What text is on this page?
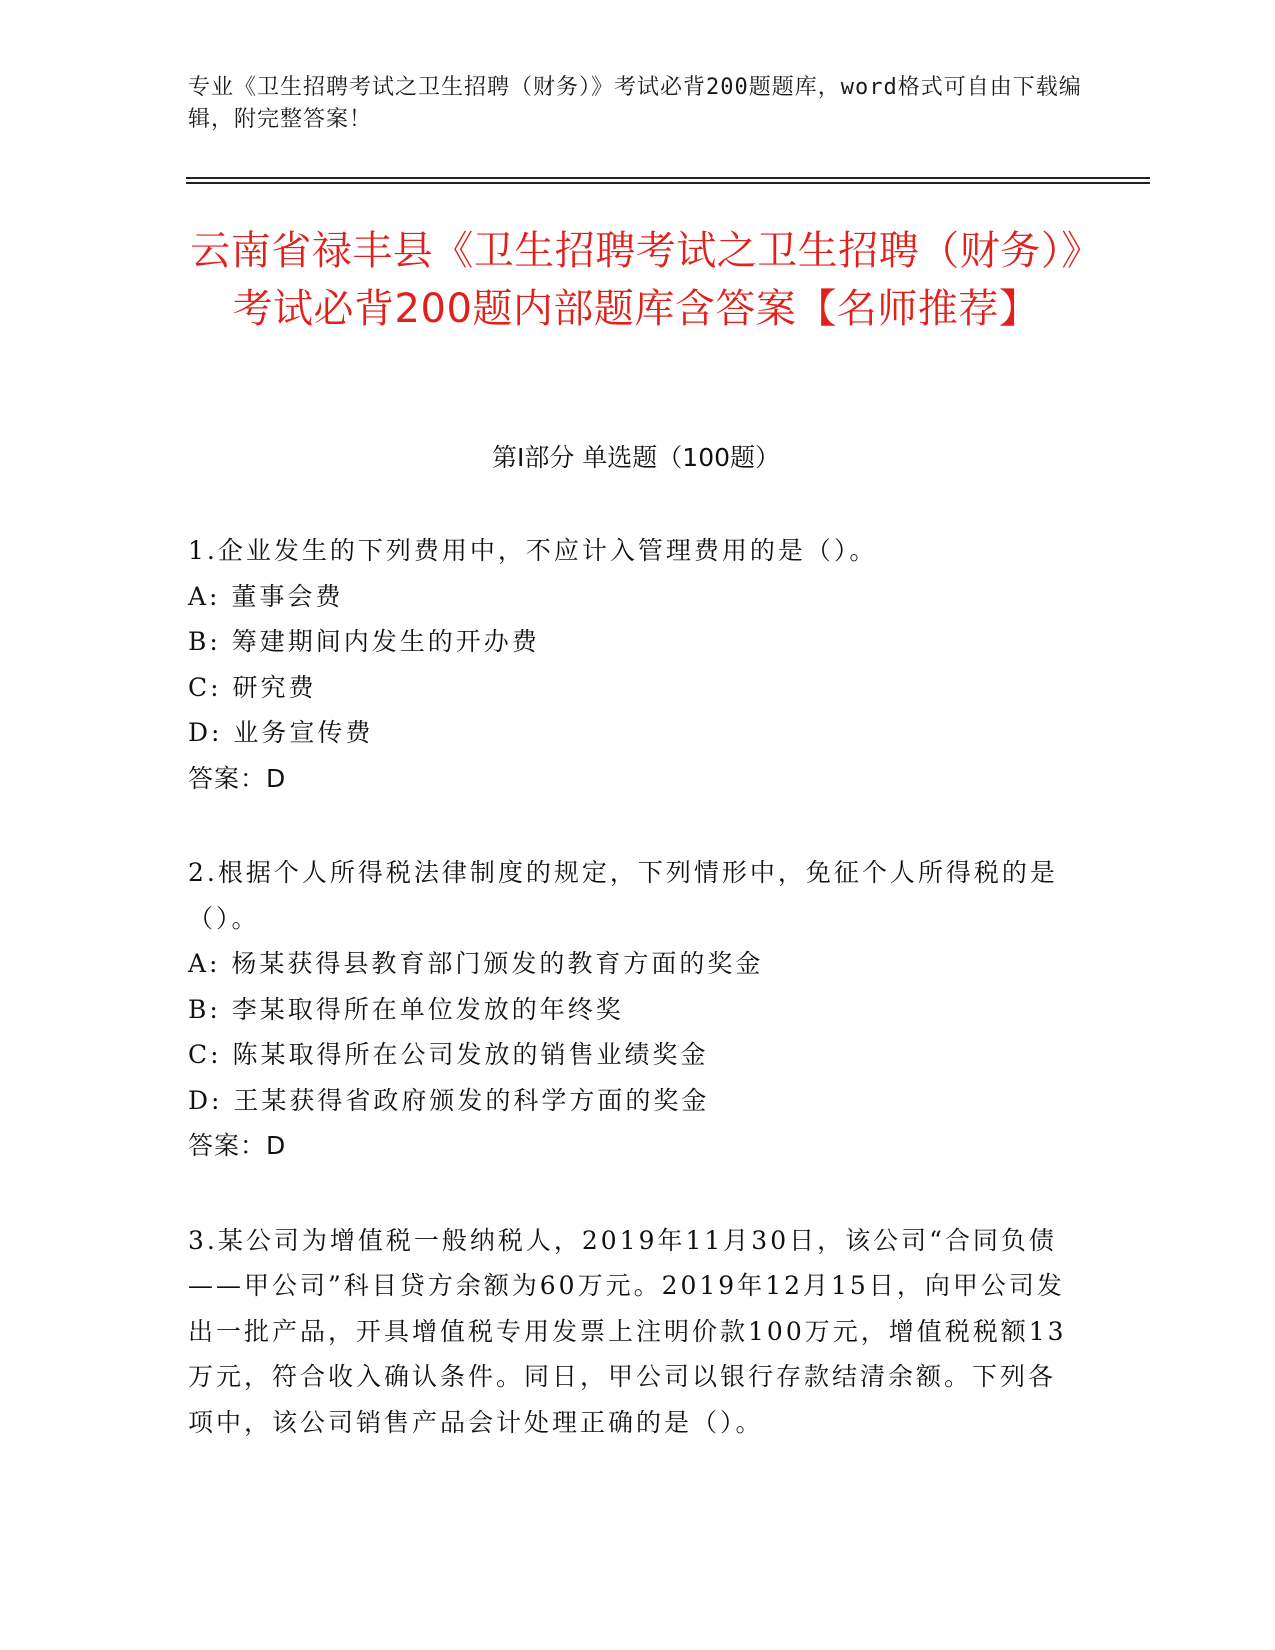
专业《卫生招聘考试之卫生招聘（财务）》考试必背200题题库，word格式可自由下载编辑，附完整答案！
云南省禄丰县《卫生招聘考试之卫生招聘（财务）》考试必背200题内部题库含答案【名师推荐】
第Ⅰ部分 单选题（100题）

1.企业发生的下列费用中，不应计入管理费用的是（）。

A: 董事会费

B: 筹建期间内发生的开办费

C: 研究费

D: 业务宣传费

答案：D

2.根据个人所得税法律制度的规定，下列情形中，免征个人所得税的是（）。

A: 杨某获得县教育部门颁发的教育方面的奖金

B: 李某取得所在单位发放的年终奖

C: 陈某取得所在公司发放的销售业绩奖金

D: 王某获得省政府颁发的科学方面的奖金

答案：D

3.某公司为增值税一般纳税人，2019年11月30日，该公司“合同负债——甲公司”科目贷方余额为60万元。2019年12月15日，向甲公司发出一批产品，开具增值税专用发票上注明价款100万元，增值税税额13万元，符合收入确认条件。同日，甲公司以银行存款结清余额。下列各项中，该公司销售产品会计处理正确的是（）。
